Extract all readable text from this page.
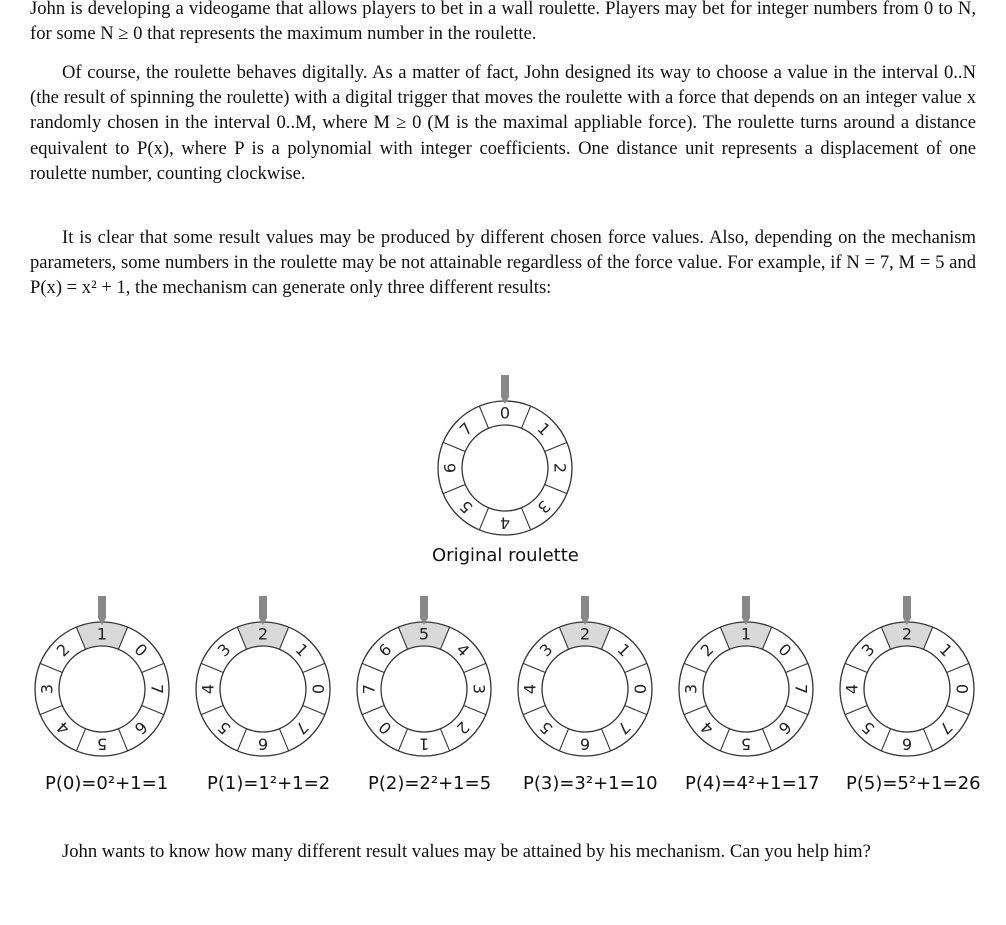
John is developing a videogame that allows players to bet in a wall roulette. Players may bet for integer numbers from 0 to N, for some N ≥ 0 that represents the maximum number in the roulette.

Of course, the roulette behaves digitally. As a matter of fact, John designed its way to choose a value in the interval 0..N (the result of spinning the roulette) with a digital trigger that moves the roulette with a force that depends on an integer value x randomly chosen in the interval 0..M, where M ≥ 0 (M is the maximal appliable force). The roulette turns around a distance equivalent to P(x), where P is a polynomial with integer coefficients. One distance unit represents a displacement of one roulette number, counting clockwise.

It is clear that some result values may be produced by different chosen force values. Also, depending on the mechanism parameters, some numbers in the roulette may be not attainable regardless of the force value. For example, if N = 7, M = 5 and P(x) = x² + 1, the mechanism can generate only three different results:

0
1
2
3
4
5
6
7
1
0
7
6
5
4
3
2
2
1
0
7
6
5
4
3
5
4
3
2
1
0
7
6
2
1
0
7
6
5
4
3
1
0
7
6
5
4
3
2
2
1
0
7
6
5
4
3
Original roulette
P(0)=0²+1=1 P(1)=1²+1=2 P(2)=2²+1=5 P(3)=3²+1=10 P(4)=4²+1=17 P(5)=5²+1=26

John wants to know how many different result values may be attained by his mechanism. Can you help him?
